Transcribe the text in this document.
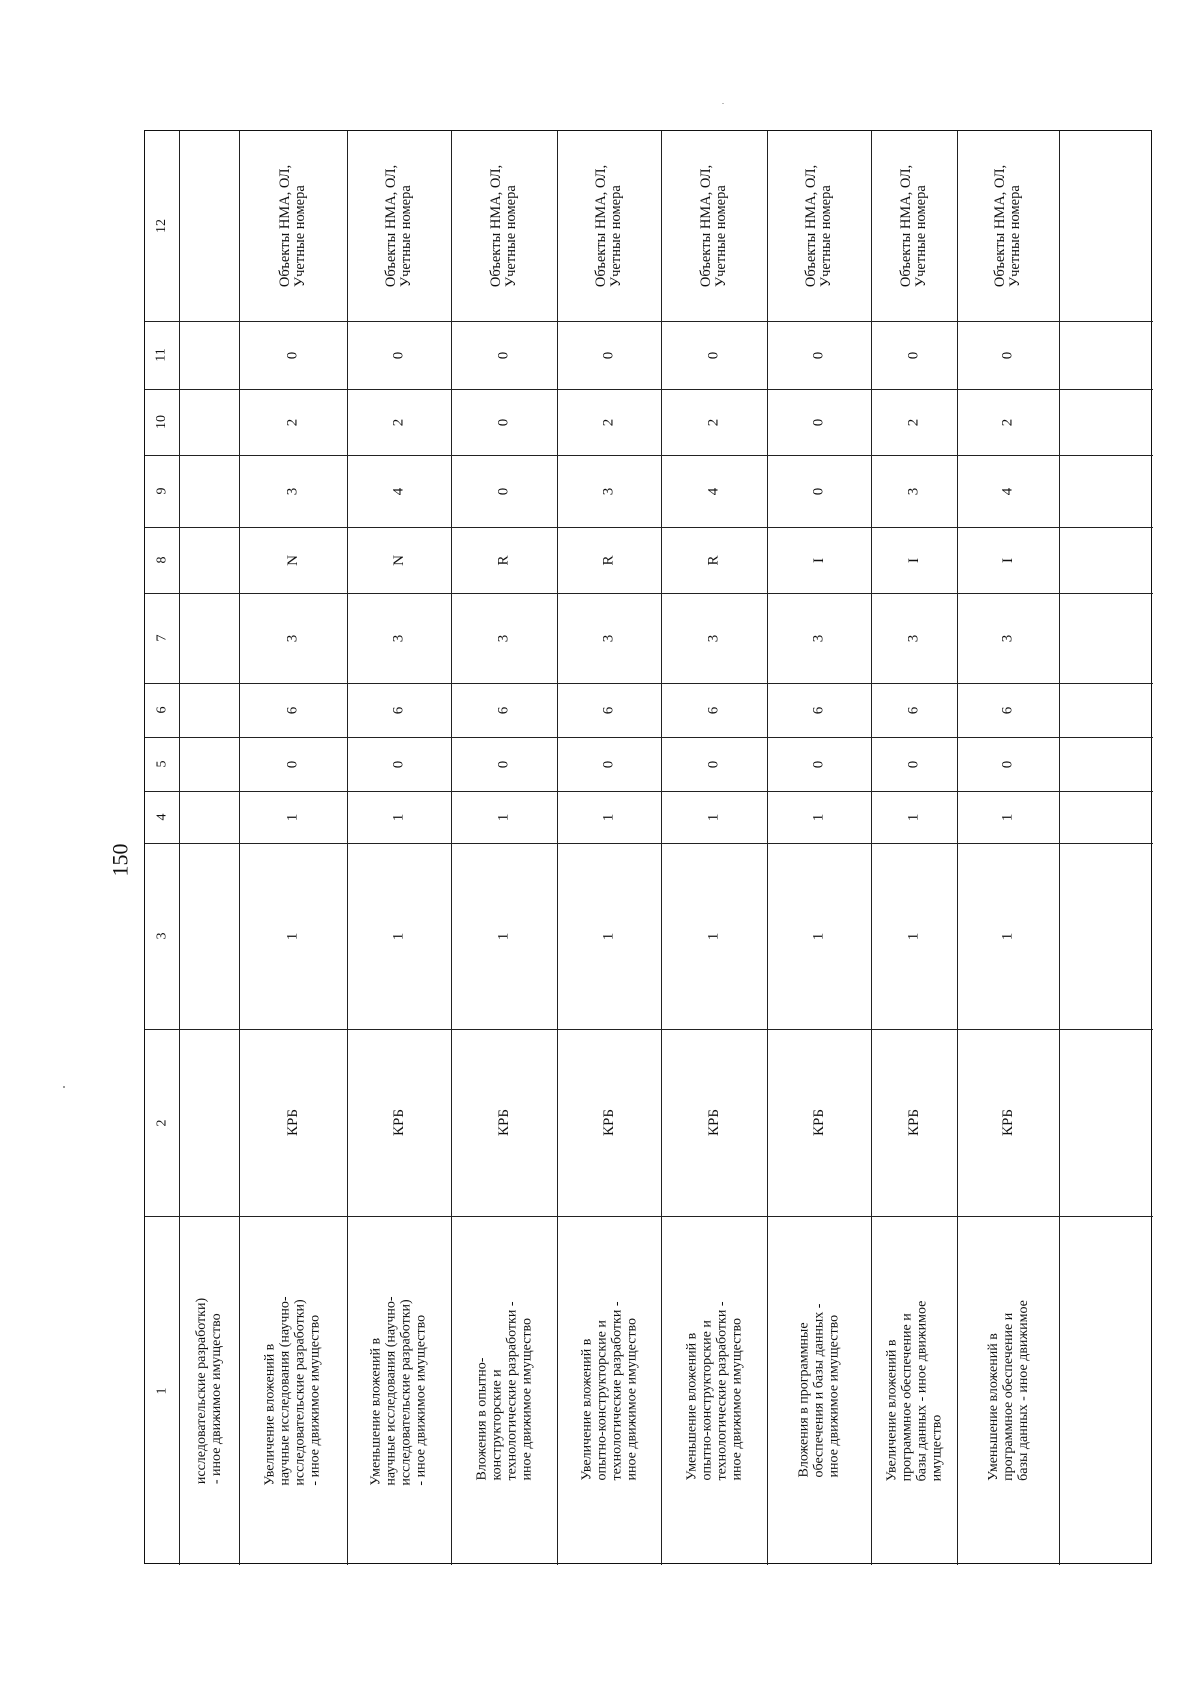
150
1
2
3
4
5
6
7
8
9
10
11
12
исследовательские разработки)
- иное движимое имущество
Увеличение вложений в
научные исследования (научно-
исследовательские разработки)
- иное движимое имущество
КРБ
1
1
0
6
3
N
3
2
0
Объекты НМА, ОЛ,
Учетные номера
Уменьшение вложений в
научные исследования (научно-
исследовательские разработки)
- иное движимое имущество
КРБ
1
1
0
6
3
N
4
2
0
Объекты НМА, ОЛ,
Учетные номера
Вложения в опытно-
конструкторские и
технологические разработки -
иное движимое имущество
КРБ
1
1
0
6
3
R
0
0
0
Объекты НМА, ОЛ,
Учетные номера
Увеличение вложений в
опытно-конструкторские и
технологические разработки -
иное движимое имущество
КРБ
1
1
0
6
3
R
3
2
0
Объекты НМА, ОЛ,
Учетные номера
Уменьшение вложений в
опытно-конструкторские и
технологические разработки -
иное движимое имущество
КРБ
1
1
0
6
3
R
4
2
0
Объекты НМА, ОЛ,
Учетные номера
Вложения в программные
обеспечения и базы данных -
иное движимое имущество
КРБ
1
1
0
6
3
I
0
0
0
Объекты НМА, ОЛ,
Учетные номера
Увеличение вложений в
программное обеспечение и
базы данных - иное движимое
имущество
КРБ
1
1
0
6
3
I
3
2
0
Объекты НМА, ОЛ,
Учетные номера
Уменьшение вложений в
программное обеспечение и
базы данных - иное движимое
КРБ
1
1
0
6
3
I
4
2
0
Объекты НМА, ОЛ,
Учетные номера
